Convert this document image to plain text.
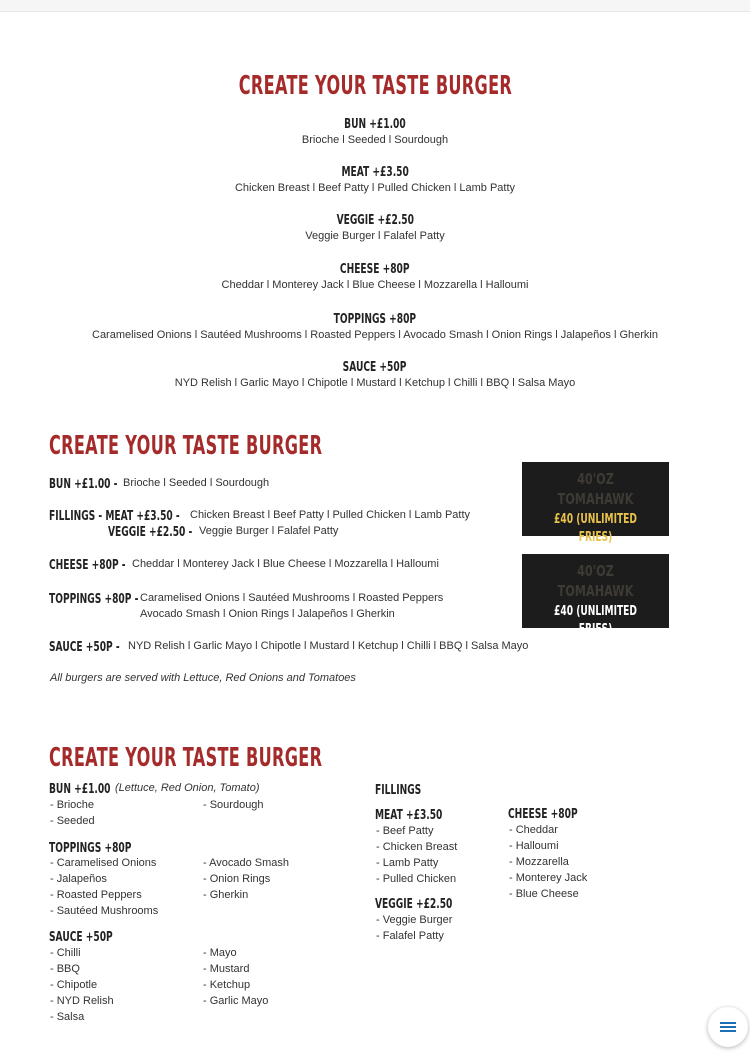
CREATE YOUR TASTE BURGER
BUN +£1.00
Brioche l Seeded l Sourdough
MEAT +£3.50
Chicken Breast l Beef Patty l Pulled Chicken l Lamb Patty
VEGGIE +£2.50
Veggie Burger l Falafel Patty
CHEESE +80P
Cheddar l Monterey Jack l Blue Cheese l Mozzarella l Halloumi
TOPPINGS +80P
Caramelised Onions l Sautéed Mushrooms l Roasted Peppers l Avocado Smash l Onion Rings l Jalapeños l Gherkin
SAUCE +50P
NYD Relish l Garlic Mayo l Chipotle l Mustard l Ketchup l Chilli l BBQ l Salsa Mayo
CREATE YOUR TASTE BURGER
BUN +£1.00 - Brioche l Seeded l Sourdough
FILLINGS - MEAT +£3.50 - Chicken Breast l Beef Patty l Pulled Chicken l Lamb Patty
VEGGIE +£2.50 - Veggie Burger l Falafel Patty
CHEESE +80P - Cheddar l Monterey Jack l Blue Cheese l Mozzarella l Halloumi
TOPPINGS +80P - Caramelised Onions l Sautéed Mushrooms l Roasted Peppers
Avocado Smash l Onion Rings l Jalapeños l Gherkin
SAUCE +50P - NYD Relish l Garlic Mayo l Chipotle l Mustard l Ketchup l Chilli l BBQ l Salsa Mayo
All burgers are served with Lettuce, Red Onions and Tomatoes
40'OZ
TOMAHAWK
£40 (UNLIMITED FRIES)
40'OZ
TOMAHAWK
£40 (UNLIMITED FRIES)
CREATE YOUR TASTE BURGER
BUN +£1.00 (Lettuce, Red Onion, Tomato)
- Brioche
- Seeded
- Sourdough
TOPPINGS +80P
- Caramelised Onions
- Jalapeños
- Roasted Peppers
- Sautéed Mushrooms
- Avocado Smash
- Onion Rings
- Gherkin
SAUCE +50P
- Chilli
- BBQ
- Chipotle
- NYD Relish
- Salsa
- Mayo
- Mustard
- Ketchup
- Garlic Mayo
FILLINGS
MEAT +£3.50
- Beef Patty
- Chicken Breast
- Lamb Patty
- Pulled Chicken
VEGGIE +£2.50
- Veggie Burger
- Falafel Patty
CHEESE +80P
- Cheddar
- Halloumi
- Mozzarella
- Monterey Jack
- Blue Cheese
